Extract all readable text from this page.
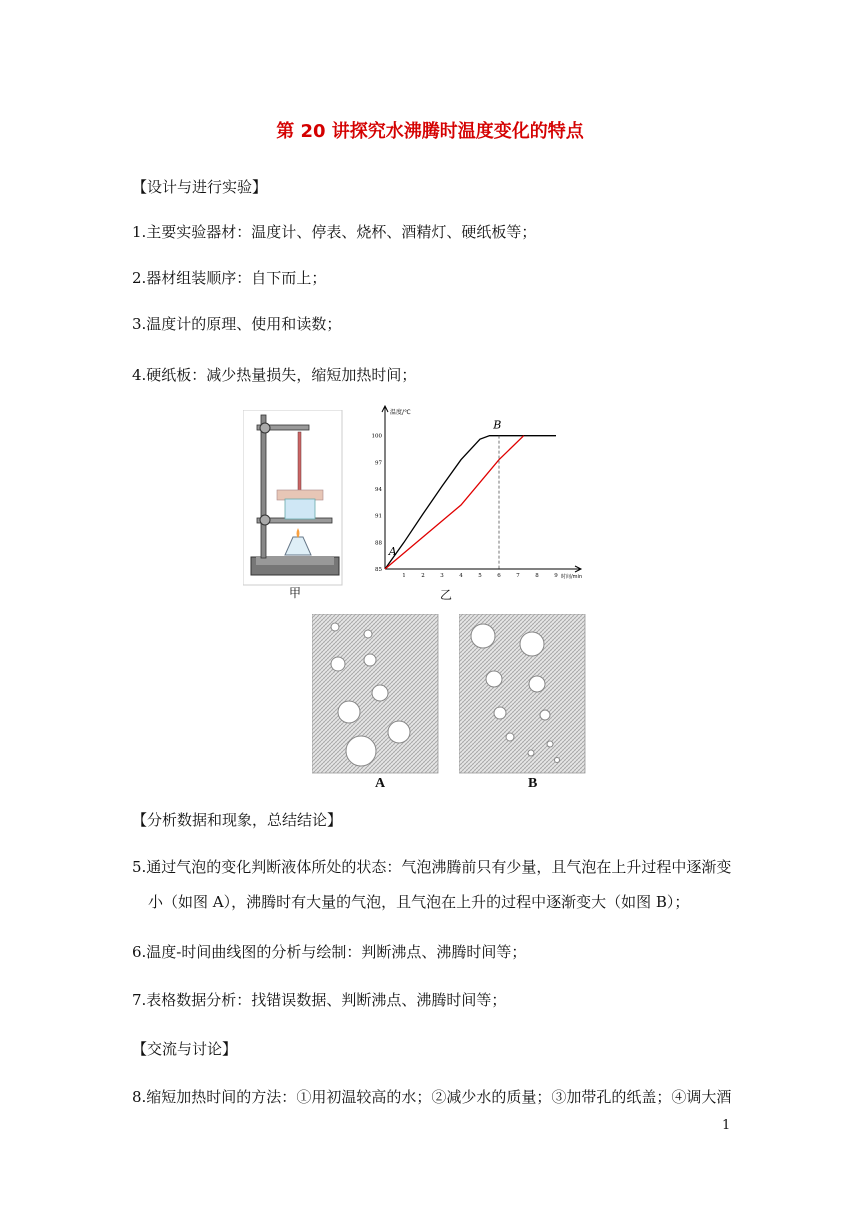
第 20 讲探究水沸腾时温度变化的特点
【设计与进行实验】
1.主要实验器材：温度计、停表、烧杯、酒精灯、硬纸板等；
2.器材组装顺序：自下而上；
3.温度计的原理、使用和读数；
4.硬纸板：减少热量损失，缩短加热时间；
甲
温度/℃
时间/min
85
88
91
94
97
100
1	2	3	4	5	6	7	8	9
A
B
乙
A	B
【分析数据和现象，总结结论】
5.通过气泡的变化判断液体所处的状态：气泡沸腾前只有少量，且气泡在上升过程中逐渐变
小（如图 A），沸腾时有大量的气泡，且气泡在上升的过程中逐渐变大（如图 B）；
6.温度-时间曲线图的分析与绘制：判断沸点、沸腾时间等；
7.表格数据分析：找错误数据、判断沸点、沸腾时间等；
【交流与讨论】
8.缩短加热时间的方法：①用初温较高的水；②减少水的质量；③加带孔的纸盖；④调大酒
1
